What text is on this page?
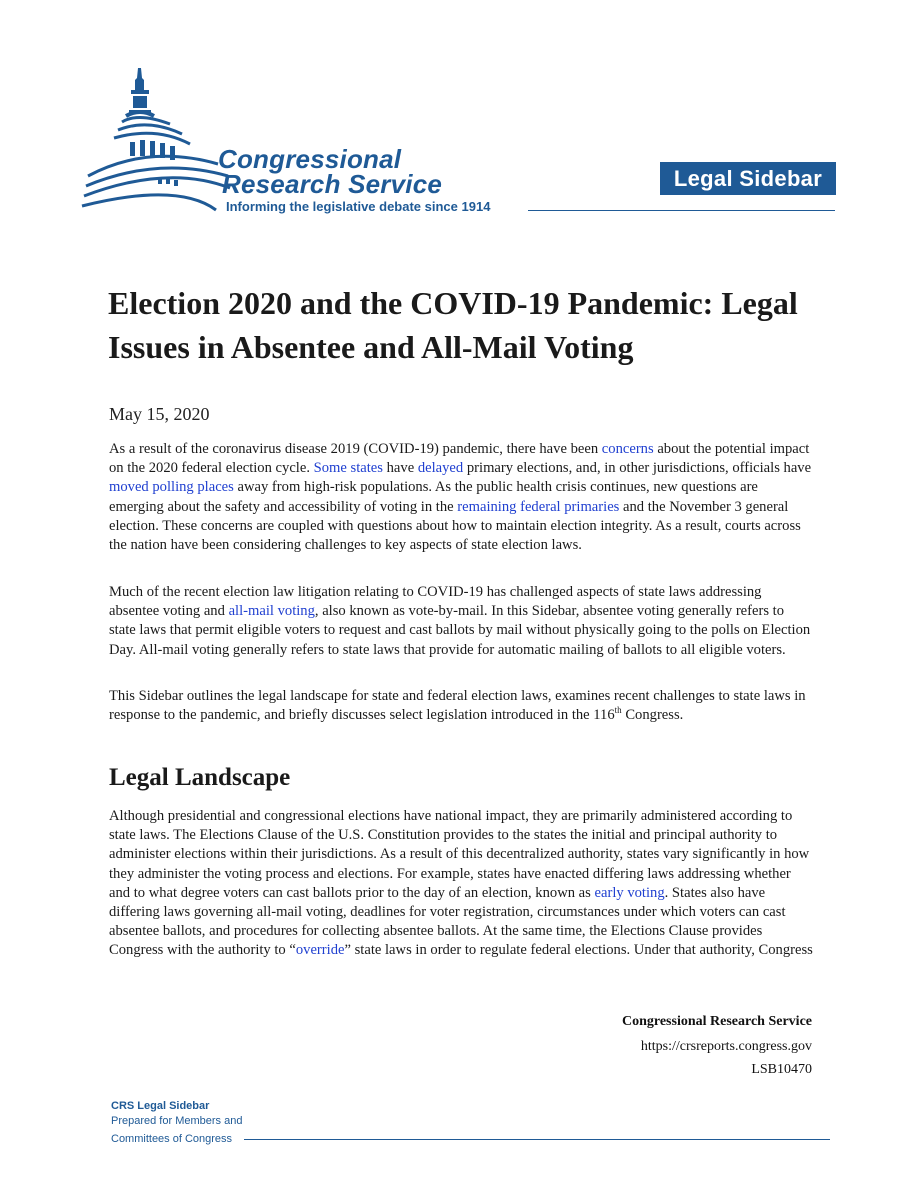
Congressional
Research Service
Informing the legislative debate since 1914
Legal Sidebar
Election 2020 and the COVID-19 Pandemic: Legal Issues in Absentee and All-Mail Voting
May 15, 2020

As a result of the coronavirus disease 2019 (COVID-19) pandemic, there have been concerns about the potential impact on the 2020 federal election cycle. Some states have delayed primary elections, and, in other jurisdictions, officials have moved polling places away from high-risk populations. As the public health crisis continues, new questions are emerging about the safety and accessibility of voting in the remaining federal primaries and the November 3 general election. These concerns are coupled with questions about how to maintain election integrity. As a result, courts across the nation have been considering challenges to key aspects of state election laws.

Much of the recent election law litigation relating to COVID-19 has challenged aspects of state laws addressing absentee voting and all-mail voting, also known as vote-by-mail. In this Sidebar, absentee voting generally refers to state laws that permit eligible voters to request and cast ballots by mail without physically going to the polls on Election Day. All-mail voting generally refers to state laws that provide for automatic mailing of ballots to all eligible voters.

This Sidebar outlines the legal landscape for state and federal election laws, examines recent challenges to state laws in response to the pandemic, and briefly discusses select legislation introduced in the 116th Congress.

Legal Landscape

Although presidential and congressional elections have national impact, they are primarily administered according to state laws. The Elections Clause of the U.S. Constitution provides to the states the initial and principal authority to administer elections within their jurisdictions. As a result of this decentralized authority, states vary significantly in how they administer the voting process and elections. For example, states have enacted differing laws addressing whether and to what degree voters can cast ballots prior to the day of an election, known as early voting. States also have differing laws governing all-mail voting, deadlines for voter registration, circumstances under which voters can cast absentee ballots, and procedures for collecting absentee ballots. At the same time, the Elections Clause provides Congress with the authority to “override” state laws in order to regulate federal elections. Under that authority, Congress

Congressional Research Service
https://crsreports.congress.gov
LSB10470
CRS Legal Sidebar
Prepared for Members and
Committees of Congress
